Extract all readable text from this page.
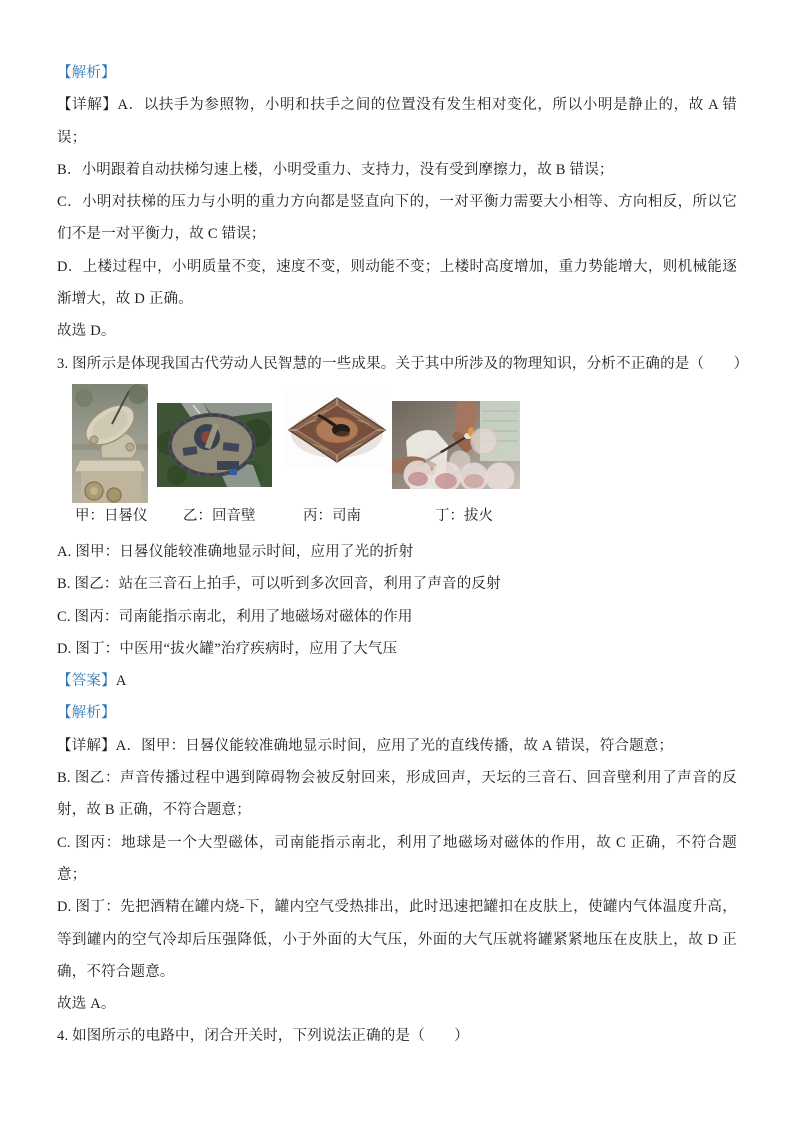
【解析】

【详解】A．以扶手为参照物，小明和扶手之间的位置没有发生相对变化，所以小明是静止的，故 A 错误；

B．小明跟着自动扶梯匀速上楼，小明受重力、支持力，没有受到摩擦力，故 B 错误；

C．小明对扶梯的压力与小明的重力方向都是竖直向下的，一对平衡力需要大小相等、方向相反，所以它们不是一对平衡力，故 C 错误；

D．上楼过程中，小明质量不变，速度不变，则动能不变；上楼时高度增加，重力势能增大，则机械能逐渐增大，故 D 正确。

故选 D。

3. 图所示是体现我国古代劳动人民智慧的一些成果。关于其中所涉及的物理知识，分析不正确的是（　　）

甲：日晷仪 乙：回音壁	丙：司南	丁：拔火

A. 图甲：日晷仪能较准确地显示时间，应用了光的折射

B. 图乙：站在三音石上拍手，可以听到多次回音，利用了声音的反射

C. 图丙：司南能指示南北，利用了地磁场对磁体的作用

D. 图丁：中医用“拔火罐”治疗疾病时，应用了大气压

【答案】A

【解析】

【详解】A．图甲：日晷仪能较准确地显示时间，应用了光的直线传播，故 A 错误，符合题意；

B. 图乙：声音传播过程中遇到障碍物会被反射回来，形成回声，天坛的三音石、回音壁利用了声音的反射，故 B 正确，不符合题意；

C. 图丙：地球是一个大型磁体，司南能指示南北，利用了地磁场对磁体的作用，故 C 正确，不符合题意；

D. 图丁：先把酒精在罐内烧-下，罐内空气受热排出，此时迅速把罐扣在皮肤上，使罐内气体温度升高，等到罐内的空气冷却后压强降低，小于外面的大气压，外面的大气压就将罐紧紧地压在皮肤上，故 D 正确，不符合题意。

故选 A。

4. 如图所示的电路中，闭合开关时，下列说法正确的是（　　）
